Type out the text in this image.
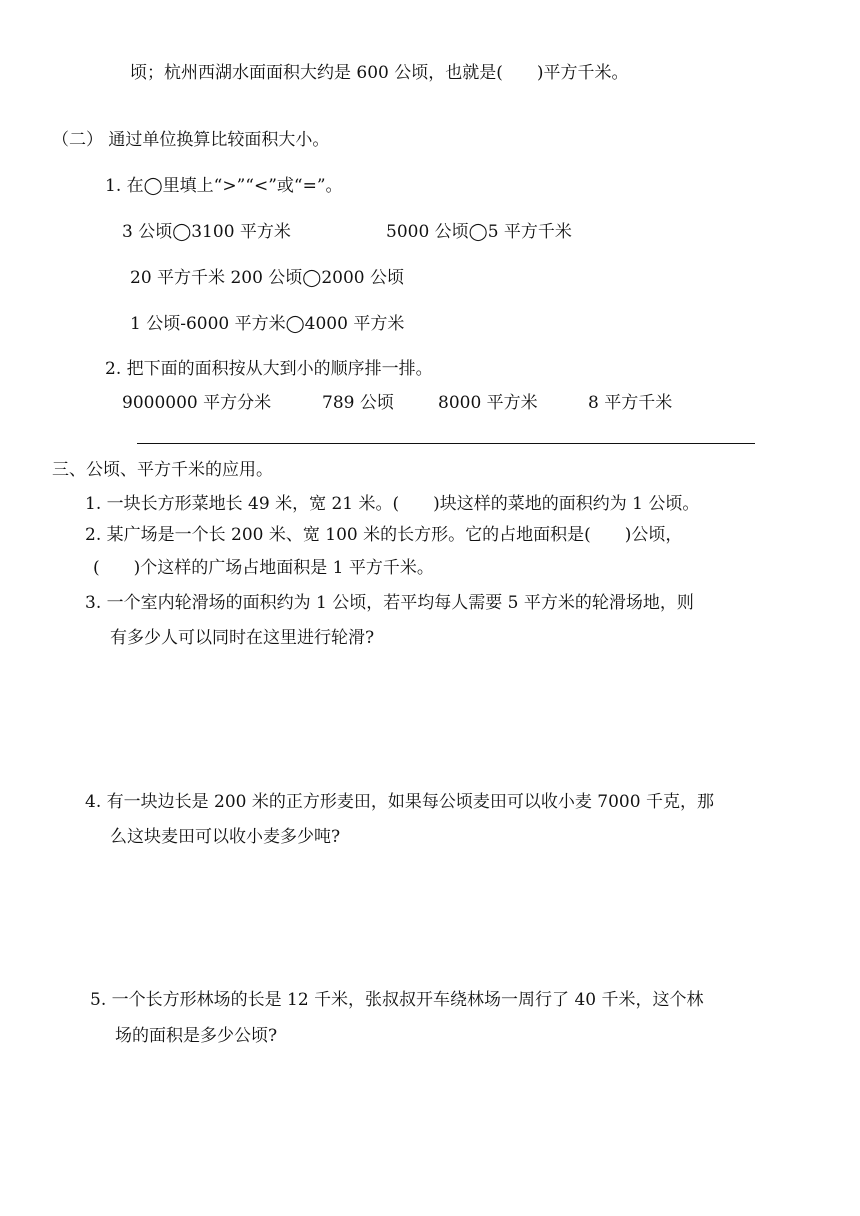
顷；杭州西湖水面面积大约是 600 公顷，也就是(　　)平方千米。
（二） 通过单位换算比较面积大小。
1. 在◯里填上“>”“<”或“=”。
3 公顷◯3100 平方米	5000 公顷◯5 平方千米
20 平方千米 200 公顷◯2000 公顷
1 公顷-6000 平方米◯4000 平方米
2. 把下面的面积按从大到小的顺序排一排。
9000000 平方分米	789 公顷	8000 平方米	8 平方千米
三、公顷、平方千米的应用。
1. 一块长方形菜地长 49 米，宽 21 米。(　　)块这样的菜地的面积约为 1 公顷。
2. 某广场是一个长 200 米、宽 100 米的长方形。它的占地面积是(　　)公顷，
(　　)个这样的广场占地面积是 1 平方千米。
3. 一个室内轮滑场的面积约为 1 公顷，若平均每人需要 5 平方米的轮滑场地，则
有多少人可以同时在这里进行轮滑?
4. 有一块边长是 200 米的正方形麦田，如果每公顷麦田可以收小麦 7000 千克，那
么这块麦田可以收小麦多少吨?
5. 一个长方形林场的长是 12 千米，张叔叔开车绕林场一周行了 40 千米，这个林
场的面积是多少公顷?
